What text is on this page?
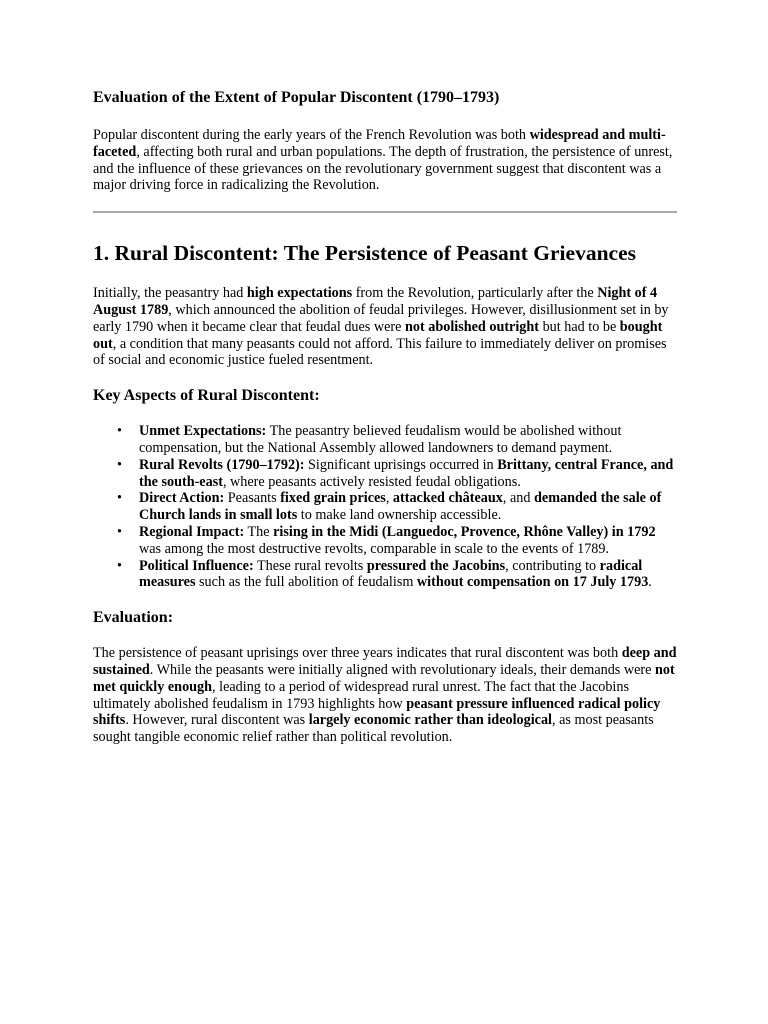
Evaluation of the Extent of Popular Discontent (1790–1793)

Popular discontent during the early years of the French Revolution was both widespread and multi-faceted, affecting both rural and urban populations. The depth of frustration, the persistence of unrest, and the influence of these grievances on the revolutionary government suggest that discontent was a major driving force in radicalizing the Revolution.

1. Rural Discontent: The Persistence of Peasant Grievances

Initially, the peasantry had high expectations from the Revolution, particularly after the Night of 4 August 1789, which announced the abolition of feudal privileges. However, disillusionment set in by early 1790 when it became clear that feudal dues were not abolished outright but had to be bought out, a condition that many peasants could not afford. This failure to immediately deliver on promises of social and economic justice fueled resentment.

Key Aspects of Rural Discontent:
• Unmet Expectations: The peasantry believed feudalism would be abolished without compensation, but the National Assembly allowed landowners to demand payment.
• Rural Revolts (1790–1792): Significant uprisings occurred in Brittany, central France, and the south-east, where peasants actively resisted feudal obligations.
• Direct Action: Peasants fixed grain prices, attacked châteaux, and demanded the sale of Church lands in small lots to make land ownership accessible.
• Regional Impact: The rising in the Midi (Languedoc, Provence, Rhône Valley) in 1792 was among the most destructive revolts, comparable in scale to the events of 1789.
• Political Influence: These rural revolts pressured the Jacobins, contributing to radical measures such as the full abolition of feudalism without compensation on 17 July 1793.
Evaluation:

The persistence of peasant uprisings over three years indicates that rural discontent was both deep and sustained. While the peasants were initially aligned with revolutionary ideals, their demands were not met quickly enough, leading to a period of widespread rural unrest. The fact that the Jacobins ultimately abolished feudalism in 1793 highlights how peasant pressure influenced radical policy shifts. However, rural discontent was largely economic rather than ideological, as most peasants sought tangible economic relief rather than political revolution.
